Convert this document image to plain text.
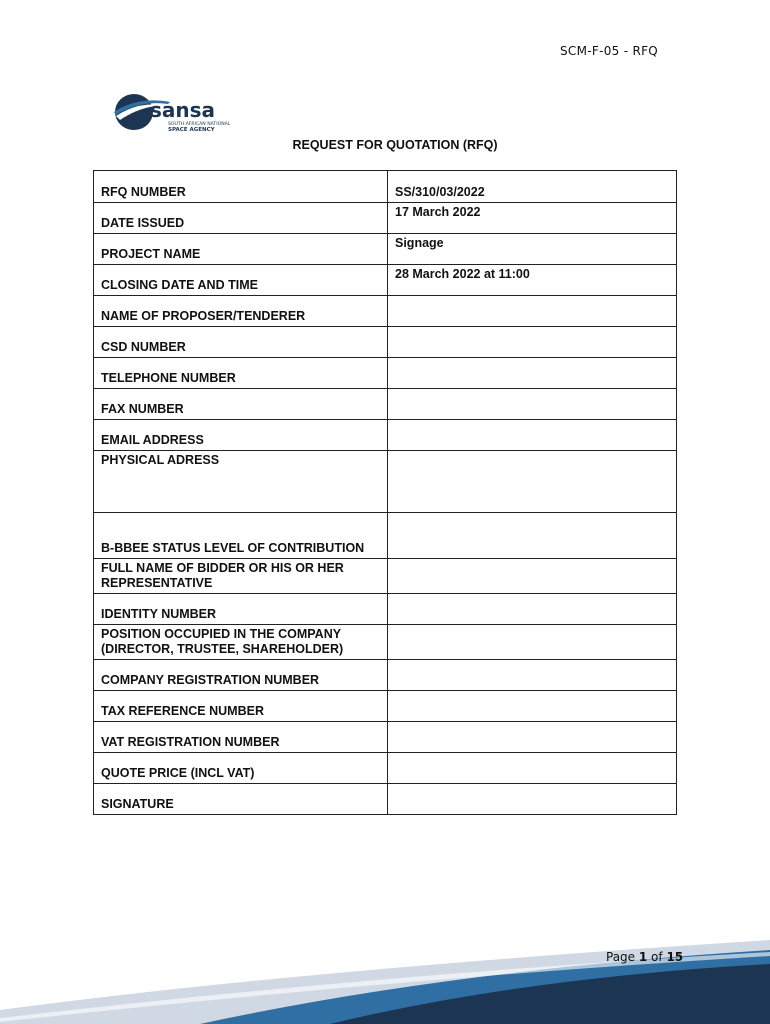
SCM-F-05 - RFQ
sansa
SOUTH AFRICAN NATIONAL
SPACE AGENCY
REQUEST FOR QUOTATION (RFQ)
RFQ NUMBER	SS/310/03/2022
DATE ISSUED	17 March 2022
PROJECT NAME	Signage
CLOSING DATE AND TIME	28 March 2022 at 11:00
NAME OF PROPOSER/TENDERER	
CSD NUMBER	
TELEPHONE NUMBER	
FAX NUMBER	
EMAIL ADDRESS	
PHYSICAL ADRESS	
B-BBEE STATUS LEVEL OF CONTRIBUTION	
FULL NAME OF BIDDER OR HIS OR HER REPRESENTATIVE	
IDENTITY NUMBER	
POSITION OCCUPIED IN THE COMPANY (DIRECTOR, TRUSTEE, SHAREHOLDER)	
COMPANY REGISTRATION NUMBER	
TAX REFERENCE NUMBER	
VAT REGISTRATION NUMBER	
QUOTE PRICE (INCL VAT)	
SIGNATURE	
Page 1 of 15
